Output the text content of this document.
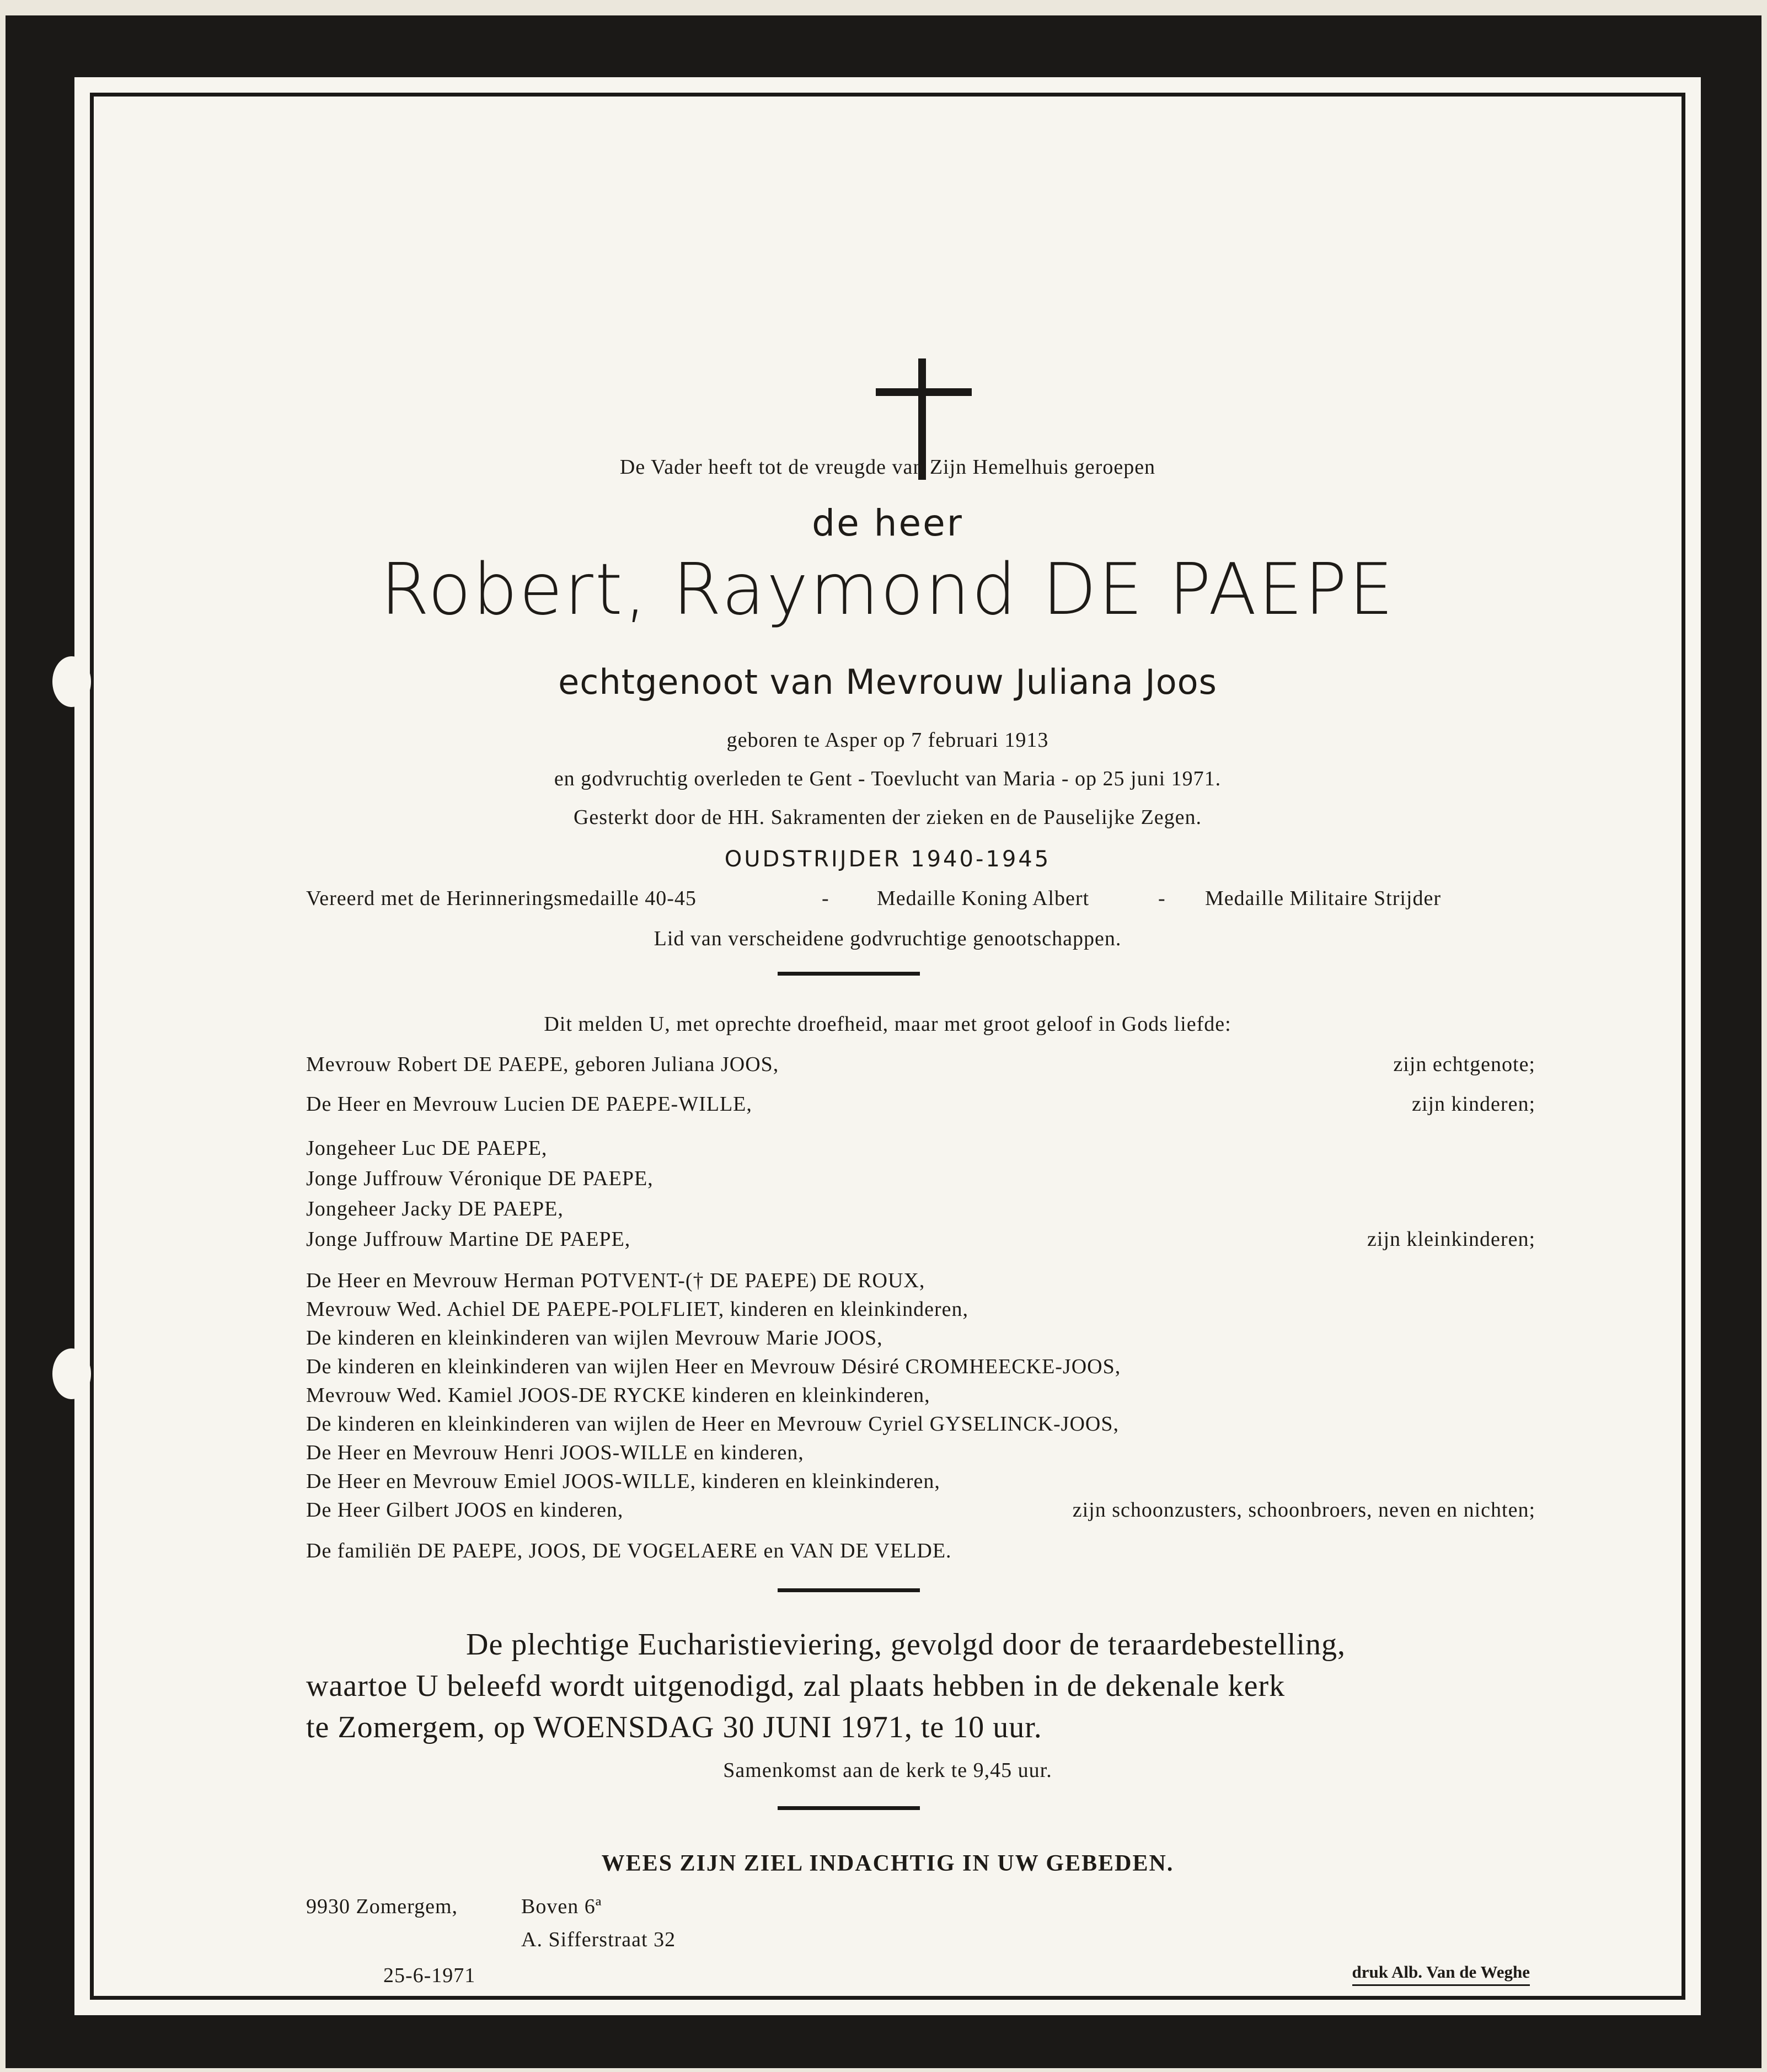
De Vader heeft tot de vreugde van Zijn Hemelhuis geroepen
de heer
Robert, Raymond DE PAEPE
echtgenoot van Mevrouw Juliana Joos
geboren te Asper op 7 februari 1913
en godvruchtig overleden te Gent - Toevlucht van Maria - op 25 juni 1971.
Gesterkt door de HH. Sakramenten der zieken en de Pauselijke Zegen.
OUDSTRIJDER 1940-1945
Vereerd met de Herinneringsmedaille 40-45	- Medaille Koning Albert	- Medaille Militaire Strijder
Lid van verscheidene godvruchtige genootschappen.
Dit melden U, met oprechte droefheid, maar met groot geloof in Gods liefde:
Mevrouw Robert DE PAEPE, geboren Juliana JOOS,	zijn echtgenote;
De Heer en Mevrouw Lucien DE PAEPE-WILLE,	zijn kinderen;
Jongeheer Luc DE PAEPE,
Jonge Juffrouw Véronique DE PAEPE,
Jongeheer Jacky DE PAEPE,
Jonge Juffrouw Martine DE PAEPE,	zijn kleinkinderen;
De Heer en Mevrouw Herman POTVENT-(† DE PAEPE) DE ROUX,
Mevrouw Wed. Achiel DE PAEPE-POLFLIET, kinderen en kleinkinderen,
De kinderen en kleinkinderen van wijlen Mevrouw Marie JOOS,
De kinderen en kleinkinderen van wijlen Heer en Mevrouw Désiré CROMHEECKE-JOOS,
Mevrouw Wed. Kamiel JOOS-DE RYCKE kinderen en kleinkinderen,
De kinderen en kleinkinderen van wijlen de Heer en Mevrouw Cyriel GYSELINCK-JOOS,
De Heer en Mevrouw Henri JOOS-WILLE en kinderen,
De Heer en Mevrouw Emiel JOOS-WILLE, kinderen en kleinkinderen,
De Heer Gilbert JOOS en kinderen,	zijn schoonzusters, schoonbroers, neven en nichten;
De familiën DE PAEPE, JOOS, DE VOGELAERE en VAN DE VELDE.
De plechtige Eucharistieviering, gevolgd door de teraardebestelling,
waartoe U beleefd wordt uitgenodigd, zal plaats hebben in de dekenale kerk
te Zomergem, op WOENSDAG 30 JUNI 1971, te 10 uur.
Samenkomst aan de kerk te 9,45 uur.
WEES ZIJN ZIEL INDACHTIG IN UW GEBEDEN.
9930 Zomergem,	Boven 6ª
A. Sifferstraat 32
25-6-1971	druk Alb. Van de Weghe
